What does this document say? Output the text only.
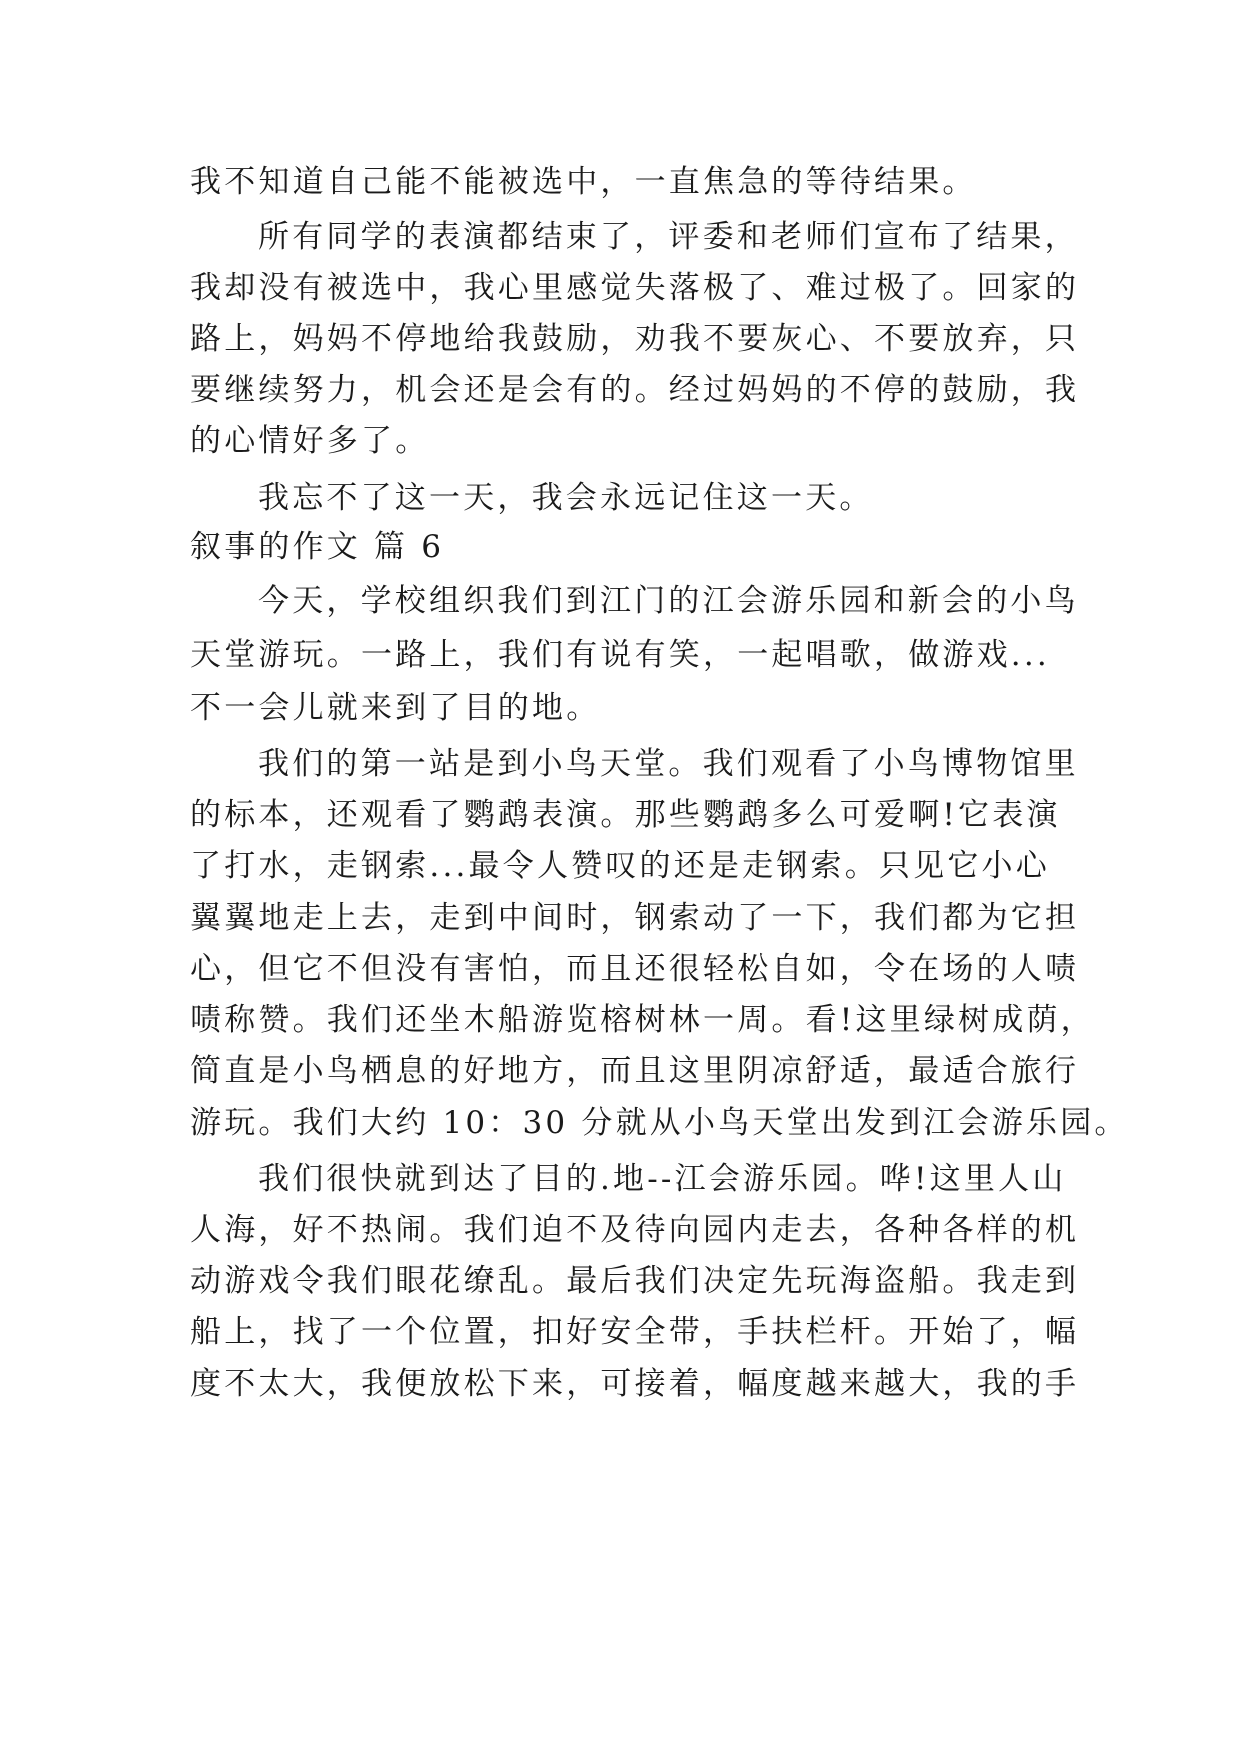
我不知道自己能不能被选中，一直焦急的等待结果。
所有同学的表演都结束了，评委和老师们宣布了结果，
我却没有被选中，我心里感觉失落极了、难过极了。回家的
路上，妈妈不停地给我鼓励，劝我不要灰心、不要放弃，只
要继续努力，机会还是会有的。经过妈妈的不停的鼓励，我
的心情好多了。
我忘不了这一天，我会永远记住这一天。
叙事的作文 篇 6
今天，学校组织我们到江门的江会游乐园和新会的小鸟
天堂游玩。一路上，我们有说有笑，一起唱歌，做游戏...
不一会儿就来到了目的地。
我们的第一站是到小鸟天堂。我们观看了小鸟博物馆里
的标本，还观看了鹦鹉表演。那些鹦鹉多么可爱啊!它表演
了打水，走钢索...最令人赞叹的还是走钢索。只见它小心
翼翼地走上去，走到中间时，钢索动了一下，我们都为它担
心，但它不但没有害怕，而且还很轻松自如，令在场的人啧
啧称赞。我们还坐木船游览榕树林一周。看!这里绿树成荫，
简直是小鸟栖息的好地方，而且这里阴凉舒适，最适合旅行
游玩。我们大约 10：30 分就从小鸟天堂出发到江会游乐园。
我们很快就到达了目的.地--江会游乐园。哗!这里人山
人海，好不热闹。我们迫不及待向园内走去，各种各样的机
动游戏令我们眼花缭乱。最后我们决定先玩海盗船。我走到
船上，找了一个位置，扣好安全带，手扶栏杆。开始了，幅
度不太大，我便放松下来，可接着，幅度越来越大，我的手
